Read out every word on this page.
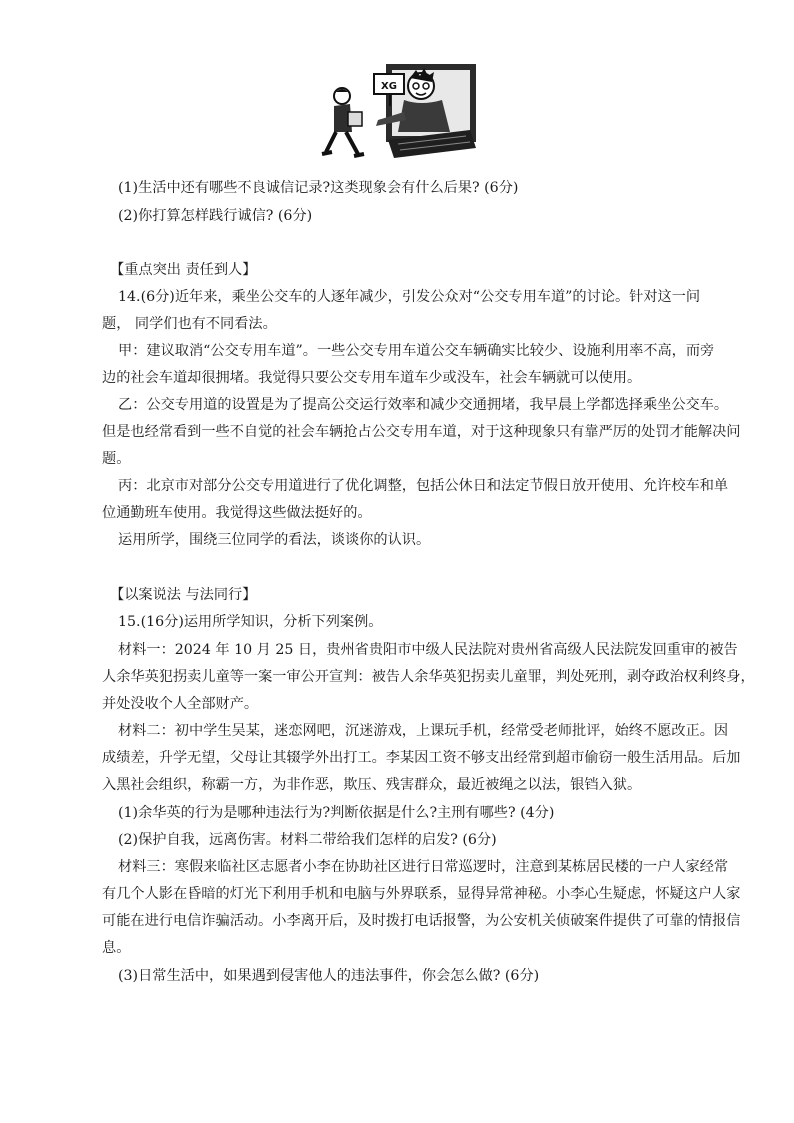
XG
(1)生活中还有哪些不良诚信记录?这类现象会有什么后果? (6分)
(2)你打算怎样践行诚信? (6分)
【重点突出 责任到人】
14.(6分)近年来，乘坐公交车的人逐年减少，引发公众对“公交专用车道”的讨论。针对这一问
题， 同学们也有不同看法。
甲：建议取消“公交专用车道”。一些公交专用车道公交车辆确实比较少、设施利用率不高，而旁
边的社会车道却很拥堵。我觉得只要公交专用车道车少或没车，社会车辆就可以使用。
乙：公交专用道的设置是为了提高公交运行效率和减少交通拥堵，我早晨上学都选择乘坐公交车。
但是也经常看到一些不自觉的社会车辆抢占公交专用车道，对于这种现象只有靠严厉的处罚才能解决问
题。
丙：北京市对部分公交专用道进行了优化调整，包括公休日和法定节假日放开使用、允许校车和单
位通勤班车使用。我觉得这些做法挺好的。
运用所学，围绕三位同学的看法，谈谈你的认识。
【以案说法 与法同行】
15.(16分)运用所学知识，分析下列案例。
材料一：2024 年 10 月 25 日，贵州省贵阳市中级人民法院对贵州省高级人民法院发回重审的被告
人余华英犯拐卖儿童等一案一审公开宣判：被告人余华英犯拐卖儿童罪，判处死刑，剥夺政治权利终身，
并处没收个人全部财产。
材料二：初中学生吴某，迷恋网吧，沉迷游戏，上课玩手机，经常受老师批评，始终不愿改正。因
成绩差，升学无望，父母让其辍学外出打工。李某因工资不够支出经常到超市偷窃一般生活用品。后加
入黑社会组织，称霸一方，为非作恶，欺压、残害群众，最近被绳之以法，银铛入狱。
(1)余华英的行为是哪种违法行为?判断依据是什么?主刑有哪些? (4分)
(2)保护自我，远离伤害。材料二带给我们怎样的启发? (6分)
材料三：寒假来临社区志愿者小李在协助社区进行日常巡逻时，注意到某栋居民楼的一户人家经常
有几个人影在昏暗的灯光下利用手机和电脑与外界联系，显得异常神秘。小李心生疑虑，怀疑这户人家
可能在进行电信诈骗活动。小李离开后，及时拨打电话报警，为公安机关侦破案件提供了可靠的情报信
息。
(3)日常生活中，如果遇到侵害他人的违法事件，你会怎么做? (6分)
